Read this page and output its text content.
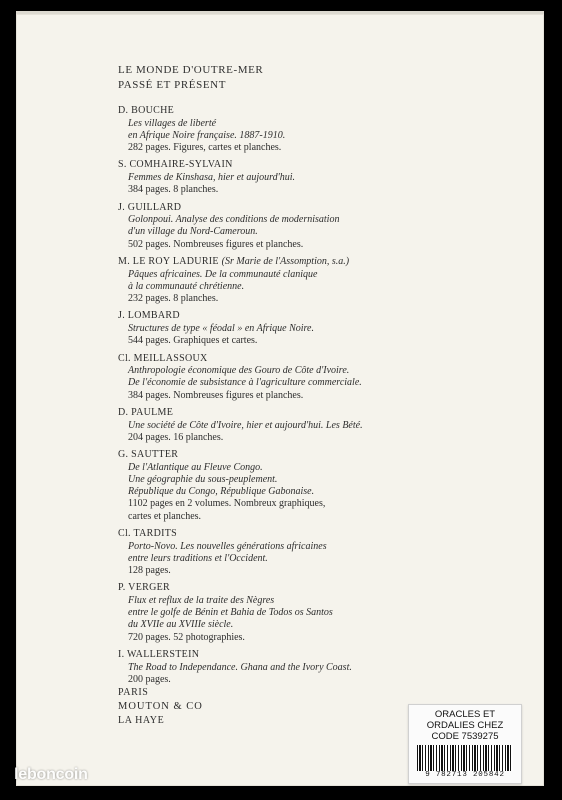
LE MONDE D'OUTRE-MER
PASSÉ ET PRÉSENT
D. BOUCHE
Les villages de liberté
en Afrique Noire française. 1887-1910.
282 pages. Figures, cartes et planches.
S. COMHAIRE-SYLVAIN
Femmes de Kinshasa, hier et aujourd'hui.
384 pages. 8 planches.
J. GUILLARD
Golonpoui. Analyse des conditions de modernisation
d'un village du Nord-Cameroun.
502 pages. Nombreuses figures et planches.
M. LE ROY LADURIE (Sr Marie de l'Assomption, s.a.)
Pâques africaines. De la communauté clanique
à la communauté chrétienne.
232 pages. 8 planches.
J. LOMBARD
Structures de type « féodal » en Afrique Noire.
544 pages. Graphiques et cartes.
Cl. MEILLASSOUX
Anthropologie économique des Gouro de Côte d'Ivoire.
De l'économie de subsistance à l'agriculture commerciale.
384 pages. Nombreuses figures et planches.
D. PAULME
Une société de Côte d'Ivoire, hier et aujourd'hui. Les Bété.
204 pages. 16 planches.
G. SAUTTER
De l'Atlantique au Fleuve Congo.
Une géographie du sous-peuplement.
République du Congo, République Gabonaise.
1102 pages en 2 volumes. Nombreux graphiques,
cartes et planches.
Cl. TARDITS
Porto-Novo. Les nouvelles générations africaines
entre leurs traditions et l'Occident.
128 pages.
P. VERGER
Flux et reflux de la traite des Nègres
entre le golfe de Bénin et Bahia de Todos os Santos
du XVIIe au XVIIIe siècle.
720 pages. 52 photographies.
I. WALLERSTEIN
The Road to Independance. Ghana and the Ivory Coast.
200 pages.
PARIS
MOUTON & CO
LA HAYE
ORACLES ET
ORDALIES CHEZ
CODE 7539275
9 782713 205842
leboncoin
